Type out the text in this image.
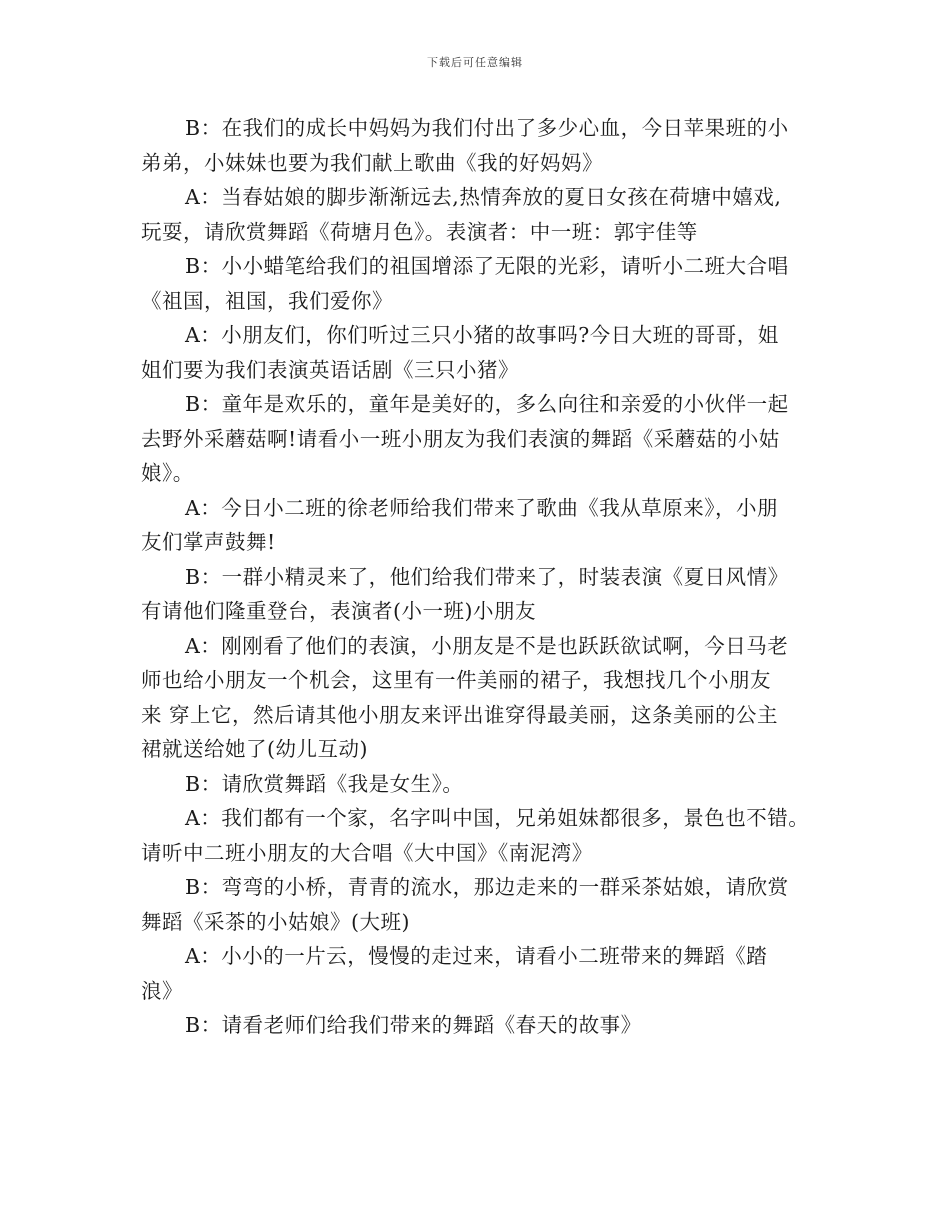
下载后可任意编辑
B：在我们的成长中妈妈为我们付出了多少心血，今日苹果班的小
弟弟，小妹妹也要为我们献上歌曲《我的好妈妈》
A：当春姑娘的脚步渐渐远去,热情奔放的夏日女孩在荷塘中嬉戏,
玩耍，请欣赏舞蹈《荷塘月色》。表演者：中一班：郭宇佳等
B：小小蜡笔给我们的祖国增添了无限的光彩，请听小二班大合唱
《祖国，祖国，我们爱你》
A：小朋友们，你们听过三只小猪的故事吗?今日大班的哥哥，姐
姐们要为我们表演英语话剧《三只小猪》
B：童年是欢乐的，童年是美好的，多么向往和亲爱的小伙伴一起
去野外采蘑菇啊!请看小一班小朋友为我们表演的舞蹈《采蘑菇的小姑
娘》。
A：今日小二班的徐老师给我们带来了歌曲《我从草原来》，小朋
友们掌声鼓舞!
B：一群小精灵来了，他们给我们带来了，时装表演《夏日风情》
有请他们隆重登台，表演者(小一班)小朋友
A：刚刚看了他们的表演，小朋友是不是也跃跃欲试啊，今日马老
师也给小朋友一个机会，这里有一件美丽的裙子，我想找几个小朋友
来 穿上它，然后请其他小朋友来评出谁穿得最美丽，这条美丽的公主
裙就送给她了(幼儿互动)
B：请欣赏舞蹈《我是女生》。
A：我们都有一个家，名字叫中国，兄弟姐妹都很多，景色也不错。
请听中二班小朋友的大合唱《大中国》《南泥湾》
B：弯弯的小桥，青青的流水，那边走来的一群采茶姑娘，请欣赏
舞蹈《采茶的小姑娘》(大班)
A：小小的一片云，慢慢的走过来，请看小二班带来的舞蹈《踏
浪》
B：请看老师们给我们带来的舞蹈《春天的故事》
